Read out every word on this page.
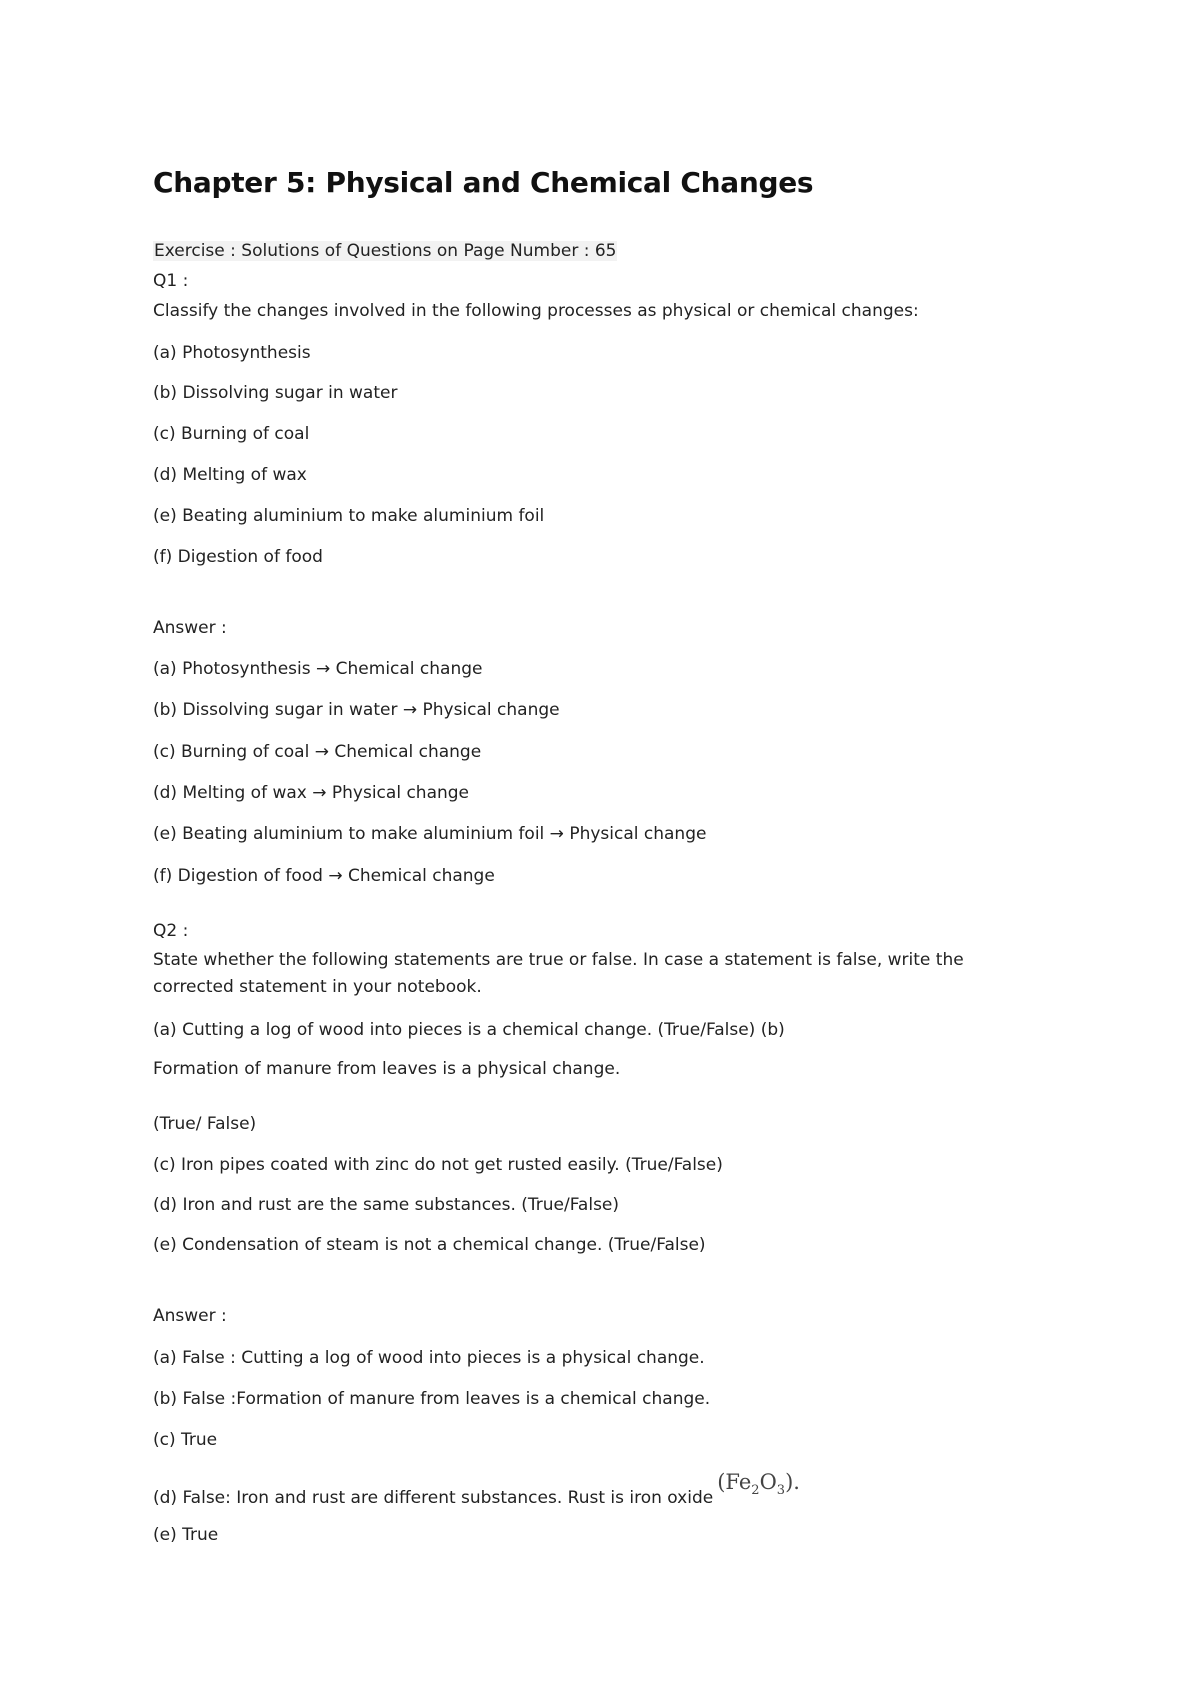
Chapter 5: Physical and Chemical Changes

Exercise : Solutions of Questions on Page Number : 65

Q1 :

Classify the changes involved in the following processes as physical or chemical changes:

(a) Photosynthesis

(b) Dissolving sugar in water

(c) Burning of coal

(d) Melting of wax

(e) Beating aluminium to make aluminium foil

(f) Digestion of food

Answer :

(a) Photosynthesis → Chemical change

(b) Dissolving sugar in water → Physical change

(c) Burning of coal → Chemical change

(d) Melting of wax → Physical change

(e) Beating aluminium to make aluminium foil → Physical change

(f) Digestion of food → Chemical change

Q2 :

State whether the following statements are true or false. In case a statement is false, write the corrected statement in your notebook.

(a) Cutting a log of wood into pieces is a chemical change. (True/False) (b)

Formation of manure from leaves is a physical change.

(True/ False)

(c) Iron pipes coated with zinc do not get rusted easily. (True/False)

(d) Iron and rust are the same substances. (True/False)

(e) Condensation of steam is not a chemical change. (True/False)

Answer :

(a) False : Cutting a log of wood into pieces is a physical change.

(b) False :Formation of manure from leaves is a chemical change.

(c) True

(d) False: Iron and rust are different substances. Rust is iron $oxide(Fe_2O_3)$.

(e) True
